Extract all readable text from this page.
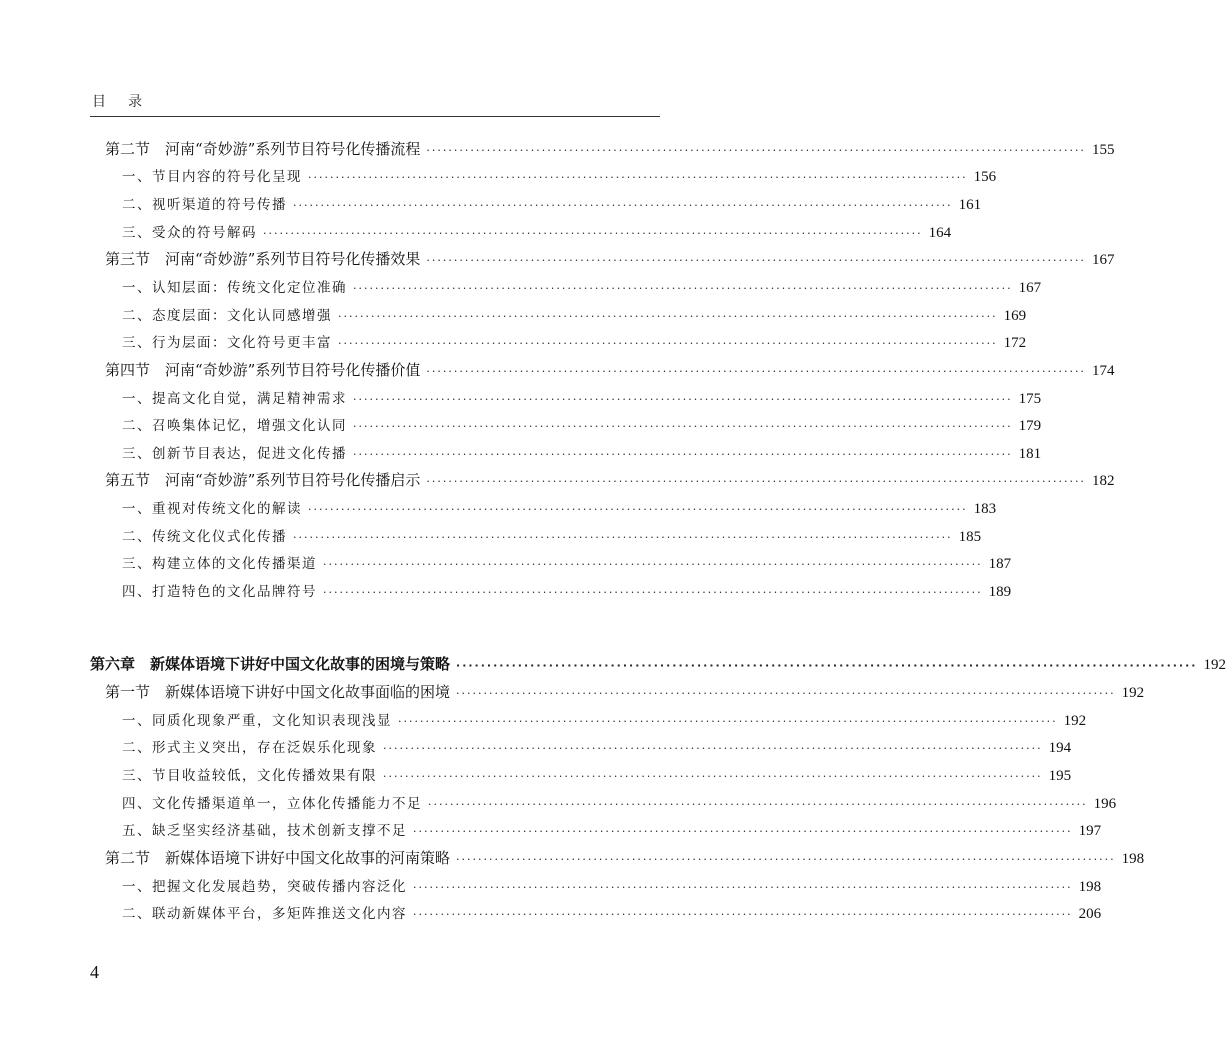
目录
第二节　河南“奇妙游”系列节目符号化传播流程 ························································································································ 155
一、节目内容的符号化呈现 ························································································································ 156
二、视听渠道的符号传播 ························································································································ 161
三、受众的符号解码 ························································································································ 164
第三节　河南“奇妙游”系列节目符号化传播效果 ························································································································ 167
一、认知层面：传统文化定位准确 ························································································································ 167
二、态度层面：文化认同感增强 ························································································································ 169
三、行为层面：文化符号更丰富 ························································································································ 172
第四节　河南“奇妙游”系列节目符号化传播价值 ························································································································ 174
一、提高文化自觉，满足精神需求 ························································································································ 175
二、召唤集体记忆，增强文化认同 ························································································································ 179
三、创新节目表达，促进文化传播 ························································································································ 181
第五节　河南“奇妙游”系列节目符号化传播启示 ························································································································ 182
一、重视对传统文化的解读 ························································································································ 183
二、传统文化仪式化传播 ························································································································ 185
三、构建立体的文化传播渠道 ························································································································ 187
四、打造特色的文化品牌符号 ························································································································ 189
第六章　新媒体语境下讲好中国文化故事的困境与策略 ························································································································ 192
第一节　新媒体语境下讲好中国文化故事面临的困境 ························································································································ 192
一、同质化现象严重，文化知识表现浅显 ························································································································ 192
二、形式主义突出，存在泛娱乐化现象 ························································································································ 194
三、节目收益较低，文化传播效果有限 ························································································································ 195
四、文化传播渠道单一，立体化传播能力不足 ························································································································ 196
五、缺乏坚实经济基础，技术创新支撑不足 ························································································································ 197
第二节　新媒体语境下讲好中国文化故事的河南策略 ························································································································ 198
一、把握文化发展趋势，突破传播内容泛化 ························································································································ 198
二、联动新媒体平台，多矩阵推送文化内容 ························································································································ 206
4
